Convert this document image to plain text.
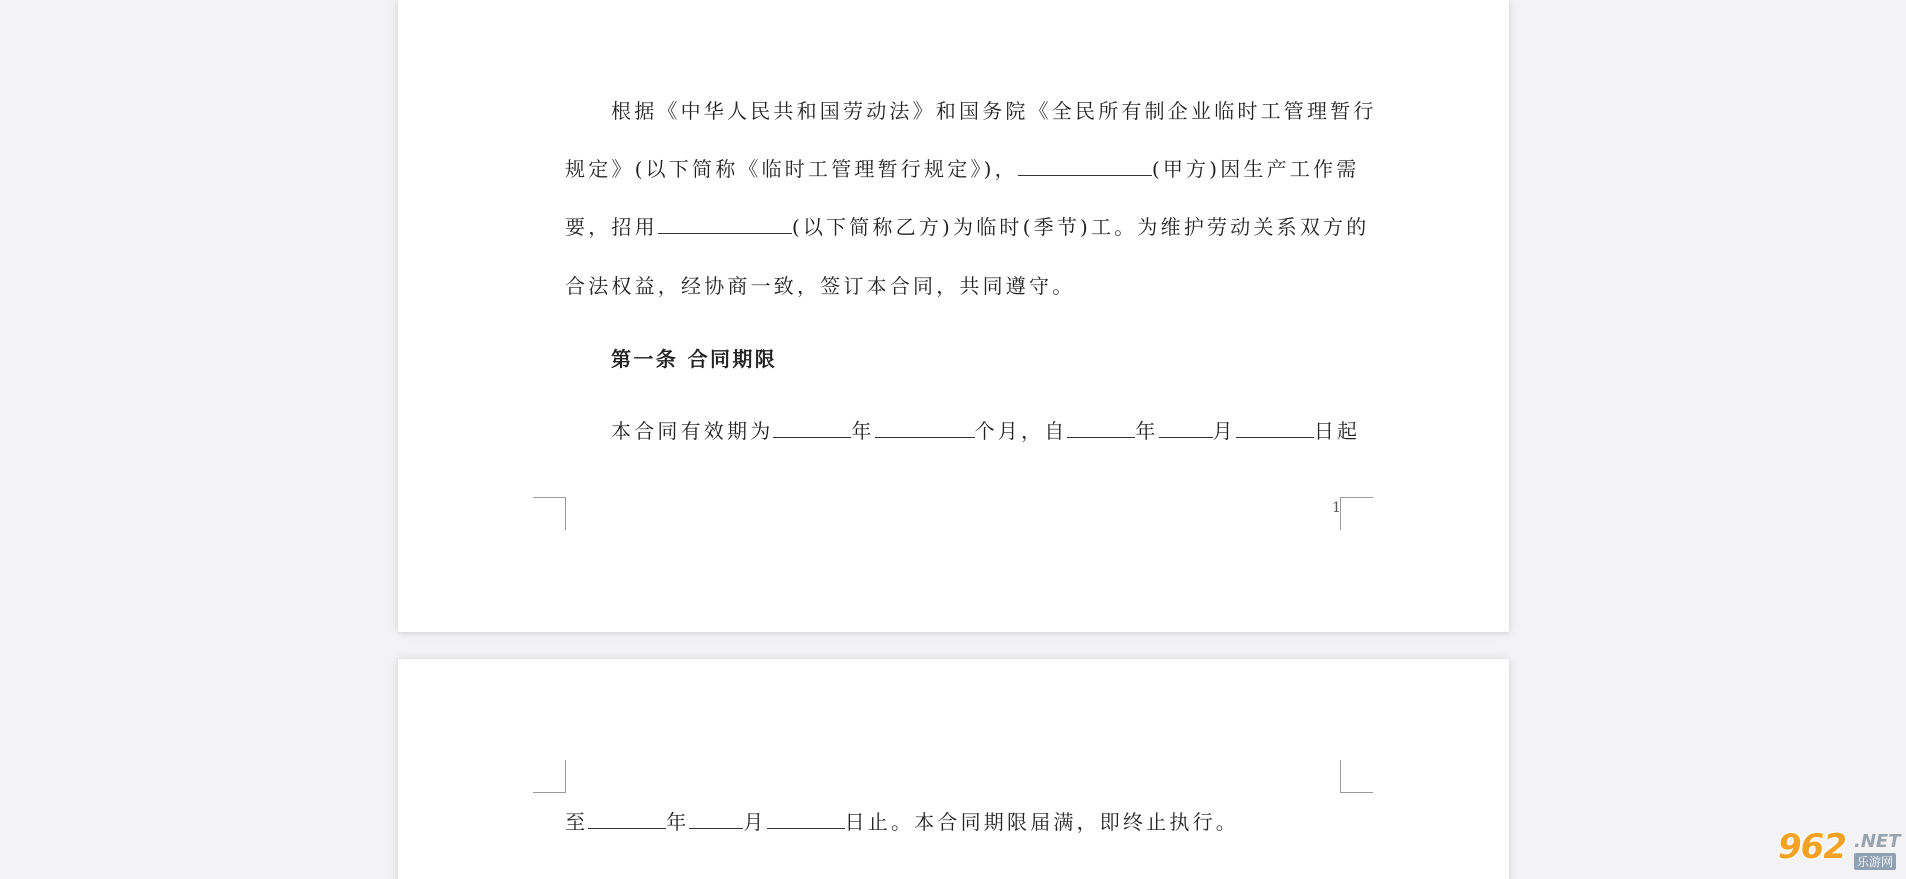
根据《中华人民共和国劳动法》和国务院《全民所有制企业临时工管理暂行
规定》(以下简称《临时工管理暂行规定》)，	(甲方)因生产工作需
要，招用	(以下简称乙方)为临时(季节)工。为维护劳动关系双方的
合法权益，经协商一致，签订本合同，共同遵守。
第一条 合同期限
本合同有效期为	年	个月，自	年	月	日起
1
至	年	月	日止。本合同期限届满，即终止执行。
962 .NET
乐游网
